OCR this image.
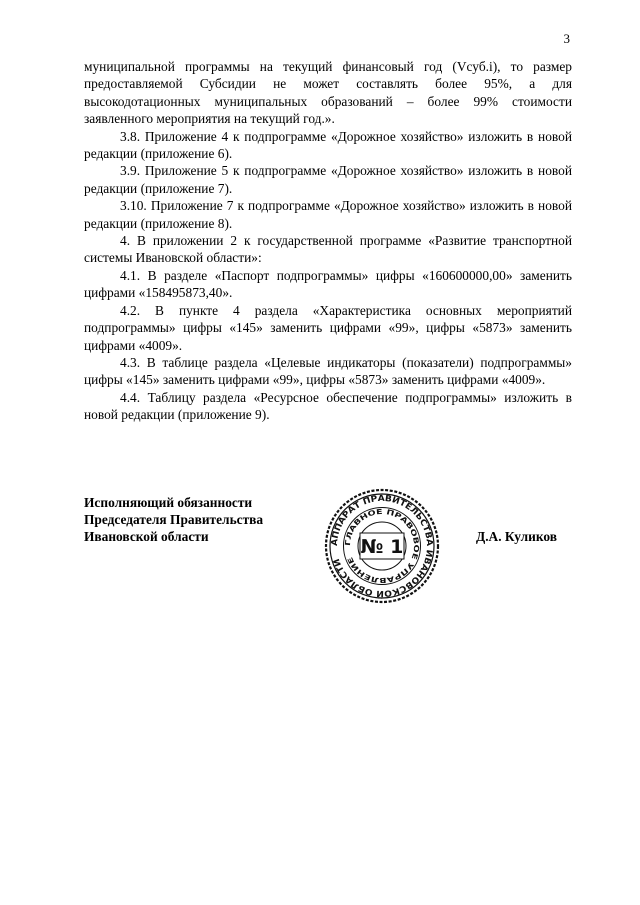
3

муниципальной программы на текущий финансовый год (Vсуб.i), то размер предоставляемой Субсидии не может составлять более 95%, а для высокодотационных муниципальных образований – более 99% стоимости заявленного мероприятия на текущий год.».

3.8. Приложение 4 к подпрограмме «Дорожное хозяйство» изложить в новой редакции (приложение 6).

3.9. Приложение 5 к подпрограмме «Дорожное хозяйство» изложить в новой редакции (приложение 7).

3.10. Приложение 7 к подпрограмме «Дорожное хозяйство» изложить в новой редакции (приложение 8).

4. В приложении 2 к государственной программе «Развитие транспортной системы Ивановской области»:

4.1. В разделе «Паспорт подпрограммы» цифры «160600000,00» заменить цифрами «158495873,40».

4.2. В пункте 4 раздела «Характеристика основных мероприятий подпрограммы» цифры «145» заменить цифрами «99», цифры «5873» заменить цифрами «4009».

4.3. В таблице раздела «Целевые индикаторы (показатели) подпрограммы» цифры «145» заменить цифрами «99», цифры «5873» заменить цифрами «4009».

4.4. Таблицу раздела «Ресурсное обеспечение подпрограммы» изложить в новой редакции (приложение 9).

Исполняющий обязанности
Председателя Правительства
Ивановской области	АППАРАТ ПРАВИТЕЛЬСТВА ИВАНОВСКОЙ ОБЛАСТИ
ГЛАВНОЕ ПРАВОВОЕ УПРАВЛЕНИЕ
№ 1	Д.А. Куликов
